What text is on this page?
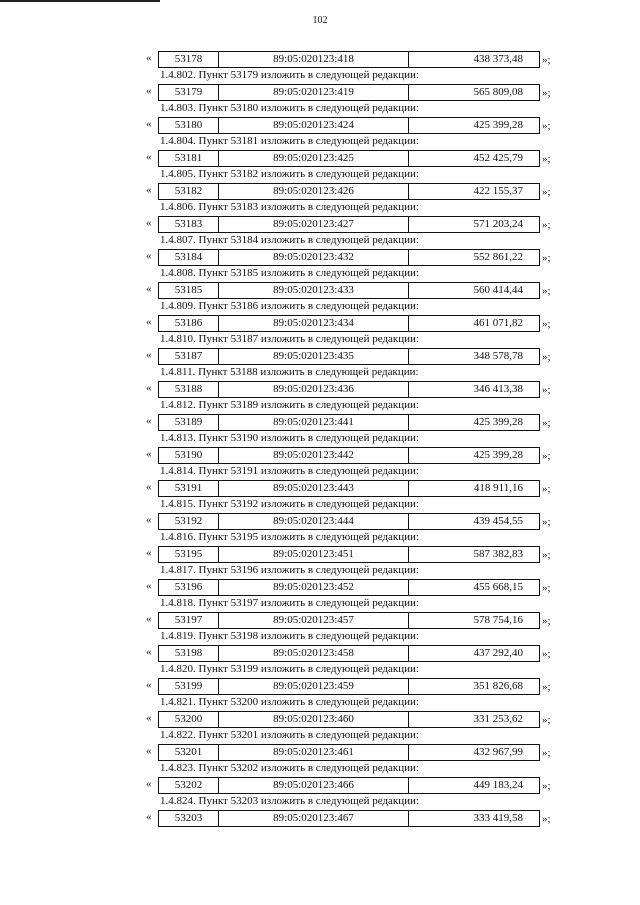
102
«	53178	89:05:020123:418	438 373,48	»;
1.4.802. Пункт 53179 изложить в следующей редакции:
«	53179	89:05:020123:419	565 809,08	»;
1.4.803. Пункт 53180 изложить в следующей редакции:
«	53180	89:05:020123:424	425 399,28	»;
1.4.804. Пункт 53181 изложить в следующей редакции:
«	53181	89:05:020123:425	452 425,79	»;
1.4.805. Пункт 53182 изложить в следующей редакции:
«	53182	89:05:020123:426	422 155,37	»;
1.4.806. Пункт 53183 изложить в следующей редакции:
«	53183	89:05:020123:427	571 203,24	»;
1.4.807. Пункт 53184 изложить в следующей редакции:
«	53184	89:05:020123:432	552 861,22	»;
1.4.808. Пункт 53185 изложить в следующей редакции:
«	53185	89:05:020123:433	560 414,44	»;
1.4.809. Пункт 53186 изложить в следующей редакции:
«	53186	89:05:020123:434	461 071,82	»;
1.4.810. Пункт 53187 изложить в следующей редакции:
«	53187	89:05:020123:435	348 578,78	»;
1.4.811. Пункт 53188 изложить в следующей редакции:
«	53188	89:05:020123:436	346 413,38	»;
1.4.812. Пункт 53189 изложить в следующей редакции:
«	53189	89:05:020123:441	425 399,28	»;
1.4.813. Пункт 53190 изложить в следующей редакции:
«	53190	89:05:020123:442	425 399,28	»;
1.4.814. Пункт 53191 изложить в следующей редакции:
«	53191	89:05:020123:443	418 911,16	»;
1.4.815. Пункт 53192 изложить в следующей редакции:
«	53192	89:05:020123:444	439 454,55	»;
1.4.816. Пункт 53195 изложить в следующей редакции:
«	53195	89:05:020123:451	587 382,83	»;
1.4.817. Пункт 53196 изложить в следующей редакции:
«	53196	89:05:020123:452	455 668,15	»;
1.4.818. Пункт 53197 изложить в следующей редакции:
«	53197	89:05:020123:457	578 754,16	»;
1.4.819. Пункт 53198 изложить в следующей редакции:
«	53198	89:05:020123:458	437 292,40	»;
1.4.820. Пункт 53199 изложить в следующей редакции:
«	53199	89:05:020123:459	351 826,68	»;
1.4.821. Пункт 53200 изложить в следующей редакции:
«	53200	89:05:020123:460	331 253,62	»;
1.4.822. Пункт 53201 изложить в следующей редакции:
«	53201	89:05:020123:461	432 967,99	»;
1.4.823. Пункт 53202 изложить в следующей редакции:
«	53202	89:05:020123:466	449 183,24	»;
1.4.824. Пункт 53203 изложить в следующей редакции:
«	53203	89:05:020123:467	333 419,58	»;
